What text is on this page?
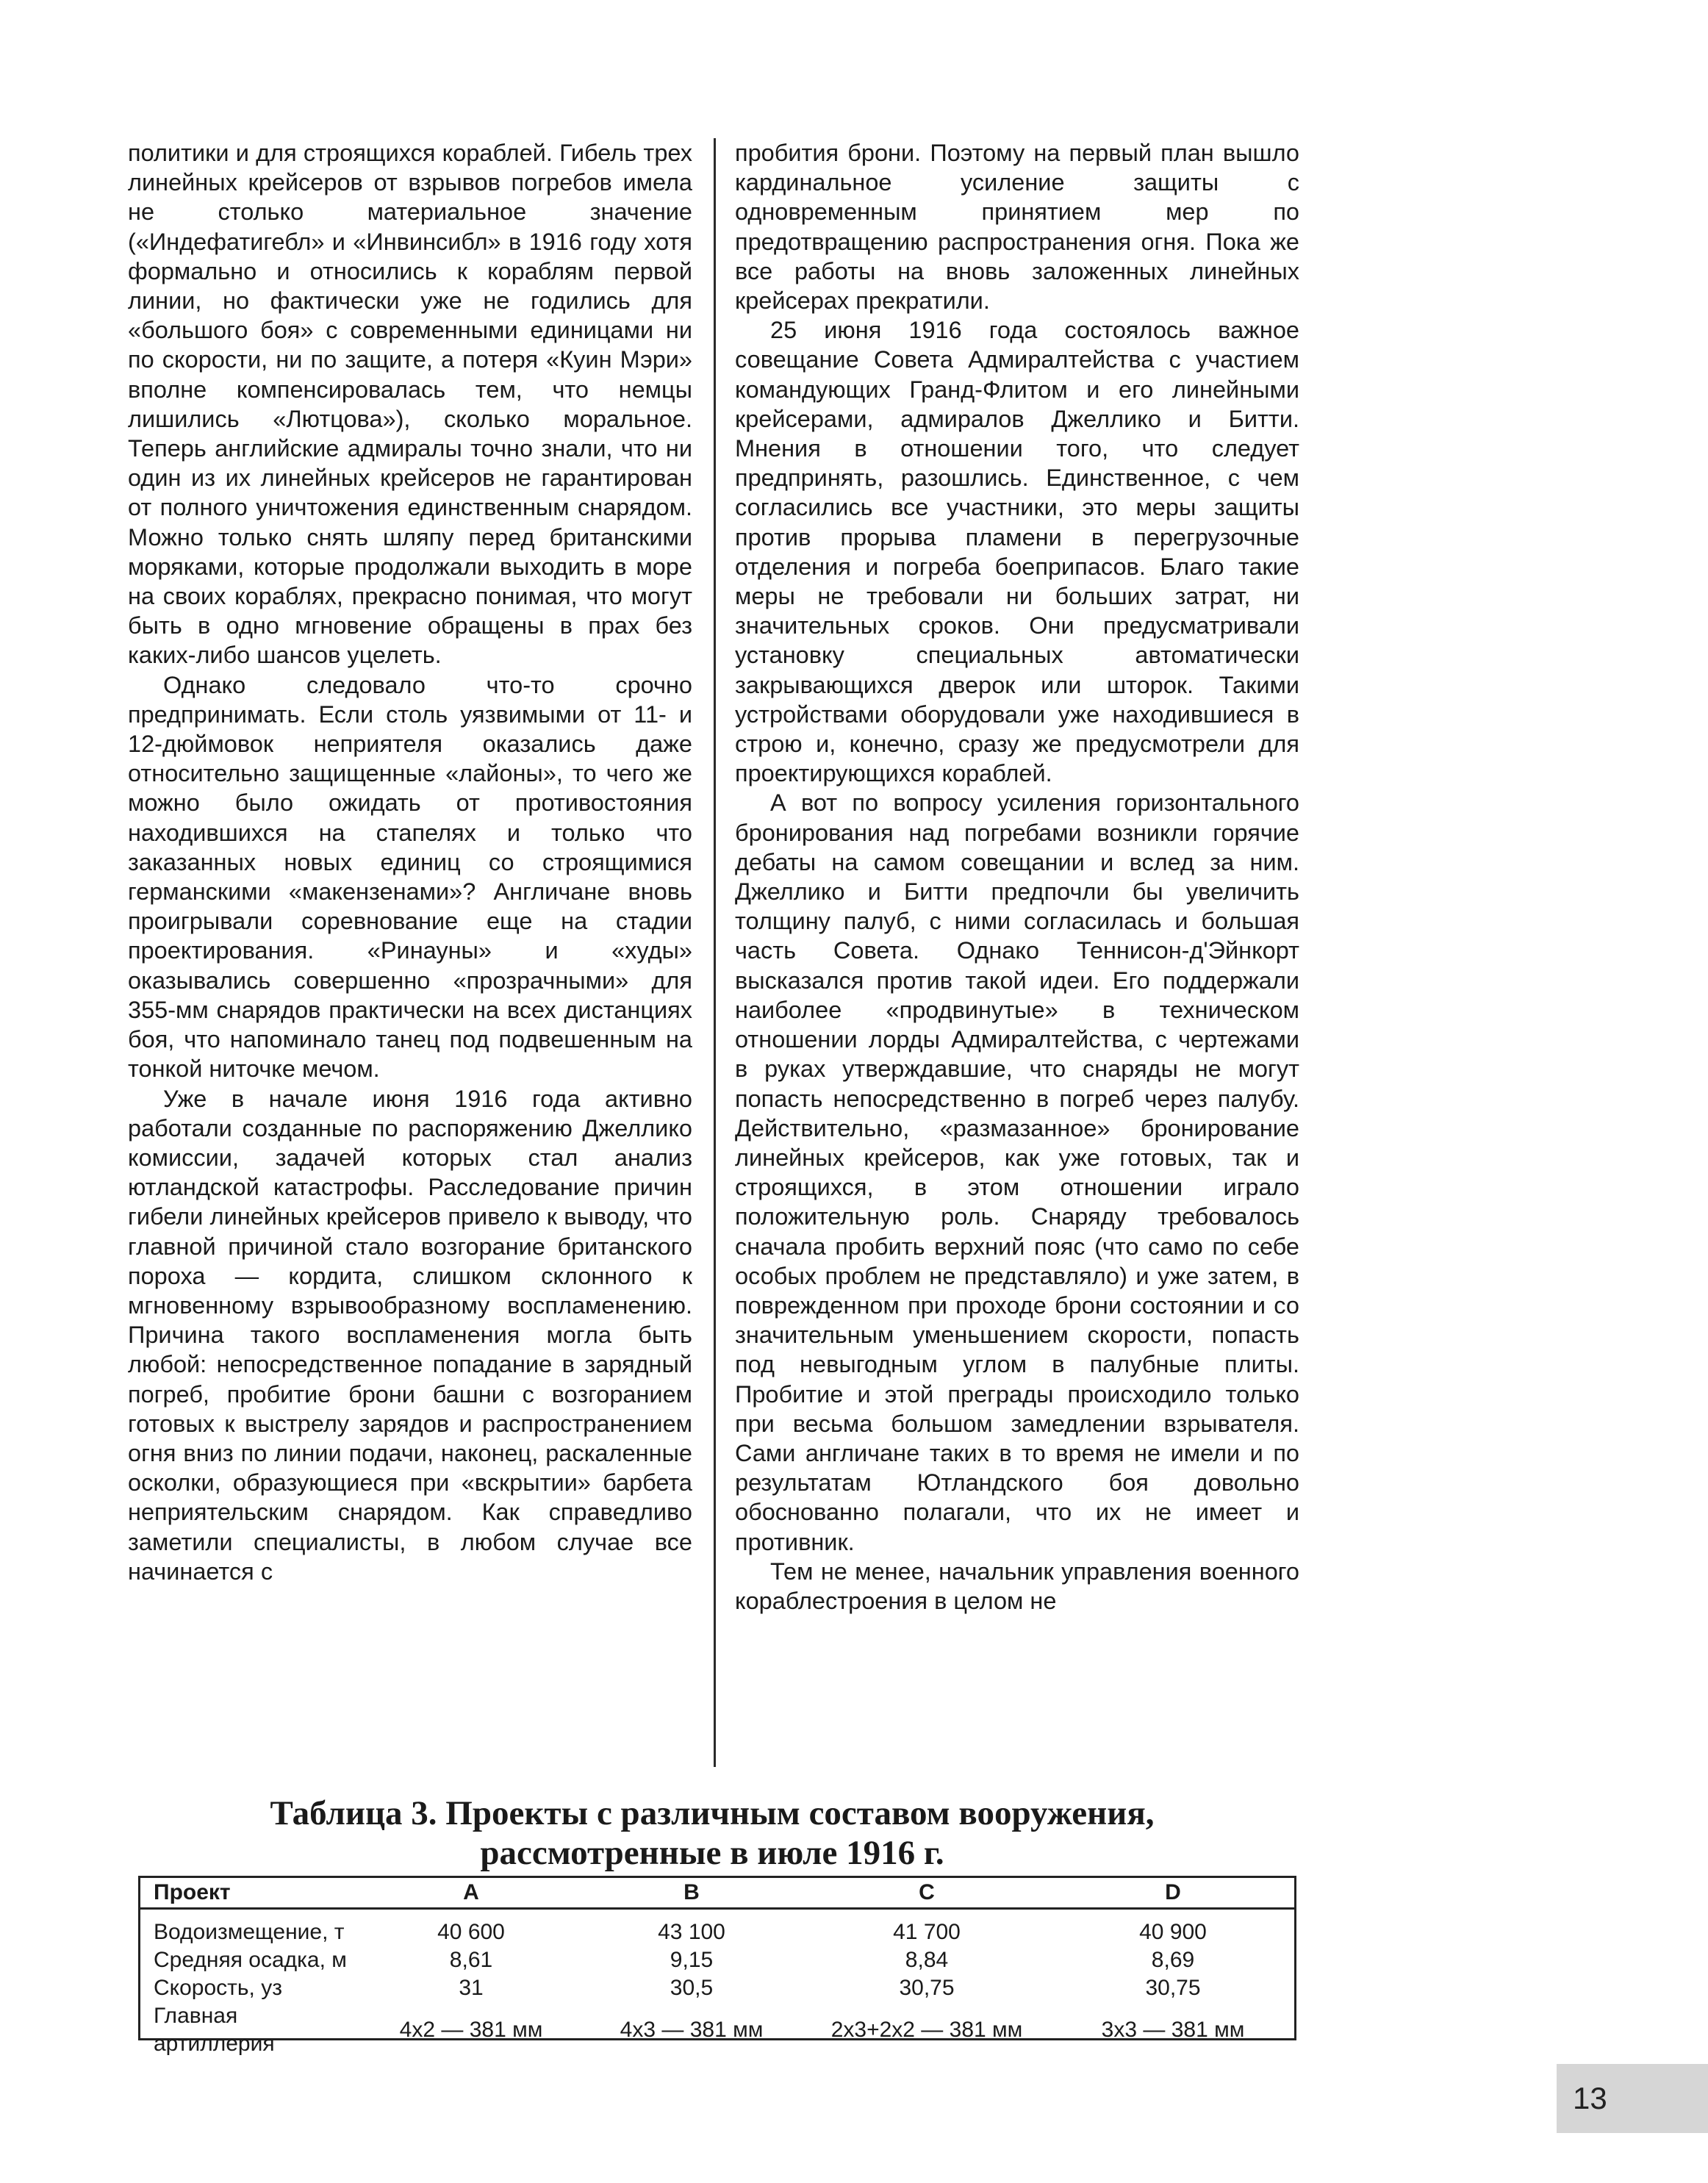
политики и для строящихся кораблей. Гибель трех линейных крейсеров от взрывов погребов имела не столько материальное значение («Индефатигебл» и «Инвинсибл» в 1916 году хотя формально и относились к кораблям первой линии, но фактически уже не годились для «большого боя» с современными единицами ни по скорости, ни по защите, а потеря «Куин Мэри» вполне компенсировалась тем, что немцы лишились «Лютцова»), сколько моральное. Теперь английские адмиралы точно знали, что ни один из их линейных крейсеров не гарантирован от полного уничтожения единственным снарядом. Можно только снять шляпу перед британскими моряками, которые продолжали выходить в море на своих кораблях, прекрасно понимая, что могут быть в одно мгновение обращены в прах без каких-либо шансов уцелеть.

Однако следовало что-то срочно предпринимать. Если столь уязвимыми от 11- и 12-дюймовок неприятеля оказались даже относительно защищенные «лайоны», то чего же можно было ожидать от противостояния находившихся на стапелях и только что заказанных новых единиц со строящимися германскими «макензенами»? Англичане вновь проигрывали соревнование еще на стадии проектирования. «Ринауны» и «худы» оказывались совершенно «прозрачными» для 355-мм снарядов практически на всех дистанциях боя, что напоминало танец под подвешенным на тонкой ниточке мечом.

Уже в начале июня 1916 года активно работали созданные по распоряжению Джеллико комиссии, задачей которых стал анализ ютландской катастрофы. Расследование причин гибели линейных крейсеров привело к выводу, что главной причиной стало возгорание британского пороха — кордита, слишком склонного к мгновенному взрывообразному воспламенению. Причина такого воспламенения могла быть любой: непосредственное попадание в зарядный погреб, пробитие брони башни с возгоранием готовых к выстрелу зарядов и распространением огня вниз по линии подачи, наконец, раскаленные осколки, образующиеся при «вскрытии» барбета неприятельским снарядом. Как справедливо заметили специалисты, в любом случае все начинается с

пробития брони. Поэтому на первый план вышло кардинальное усиление защиты с одновременным принятием мер по предотвращению распространения огня. Пока же все работы на вновь заложенных линейных крейсерах прекратили.

25 июня 1916 года состоялось важное совещание Совета Адмиралтейства с участием командующих Гранд-Флитом и его линейными крейсерами, адмиралов Джеллико и Битти. Мнения в отношении того, что следует предпринять, разошлись. Единственное, с чем согласились все участники, это меры защиты против прорыва пламени в перегрузочные отделения и погреба боеприпасов. Благо такие меры не требовали ни больших затрат, ни значительных сроков. Они предусматривали установку специальных автоматически закрывающихся дверок или шторок. Такими устройствами оборудовали уже находившиеся в строю и, конечно, сразу же предусмотрели для проектирующихся кораблей.

А вот по вопросу усиления горизонтального бронирования над погребами возникли горячие дебаты на самом совещании и вслед за ним. Джеллико и Битти предпочли бы увеличить толщину палуб, с ними согласилась и большая часть Совета. Однако Теннисон-д'Эйнкорт высказался против такой идеи. Его поддержали наиболее «продвинутые» в техническом отношении лорды Адмиралтейства, с чертежами в руках утверждавшие, что снаряды не могут попасть непосредственно в погреб через палубу. Действительно, «размазанное» бронирование линейных крейсеров, как уже готовых, так и строящихся, в этом отношении играло положительную роль. Снаряду требовалось сначала пробить верхний пояс (что само по себе особых проблем не представляло) и уже затем, в поврежденном при проходе брони состоянии и со значительным уменьшением скорости, попасть под невыгодным углом в палубные плиты. Пробитие и этой преграды происходило только при весьма большом замедлении взрывателя. Сами англичане таких в то время не имели и по результатам Ютландского боя довольно обоснованно полагали, что их не имеет и противник.

Тем не менее, начальник управления военного кораблестроения в целом не

Таблица 3. Проекты с различным составом вооружения,
рассмотренные в июле 1916 г.
Проект	A	B	C	D

Водоизмещение, т	40 600	43 100	41 700	40 900
Средняя осадка, м	8,61	9,15	8,84	8,69
Скорость, уз	31	30,5	30,75	30,75
Главная артиллерия	4x2 — 381 мм	4x3 — 381 мм	2x3+2x2 — 381 мм	3x3 — 381 мм
13
